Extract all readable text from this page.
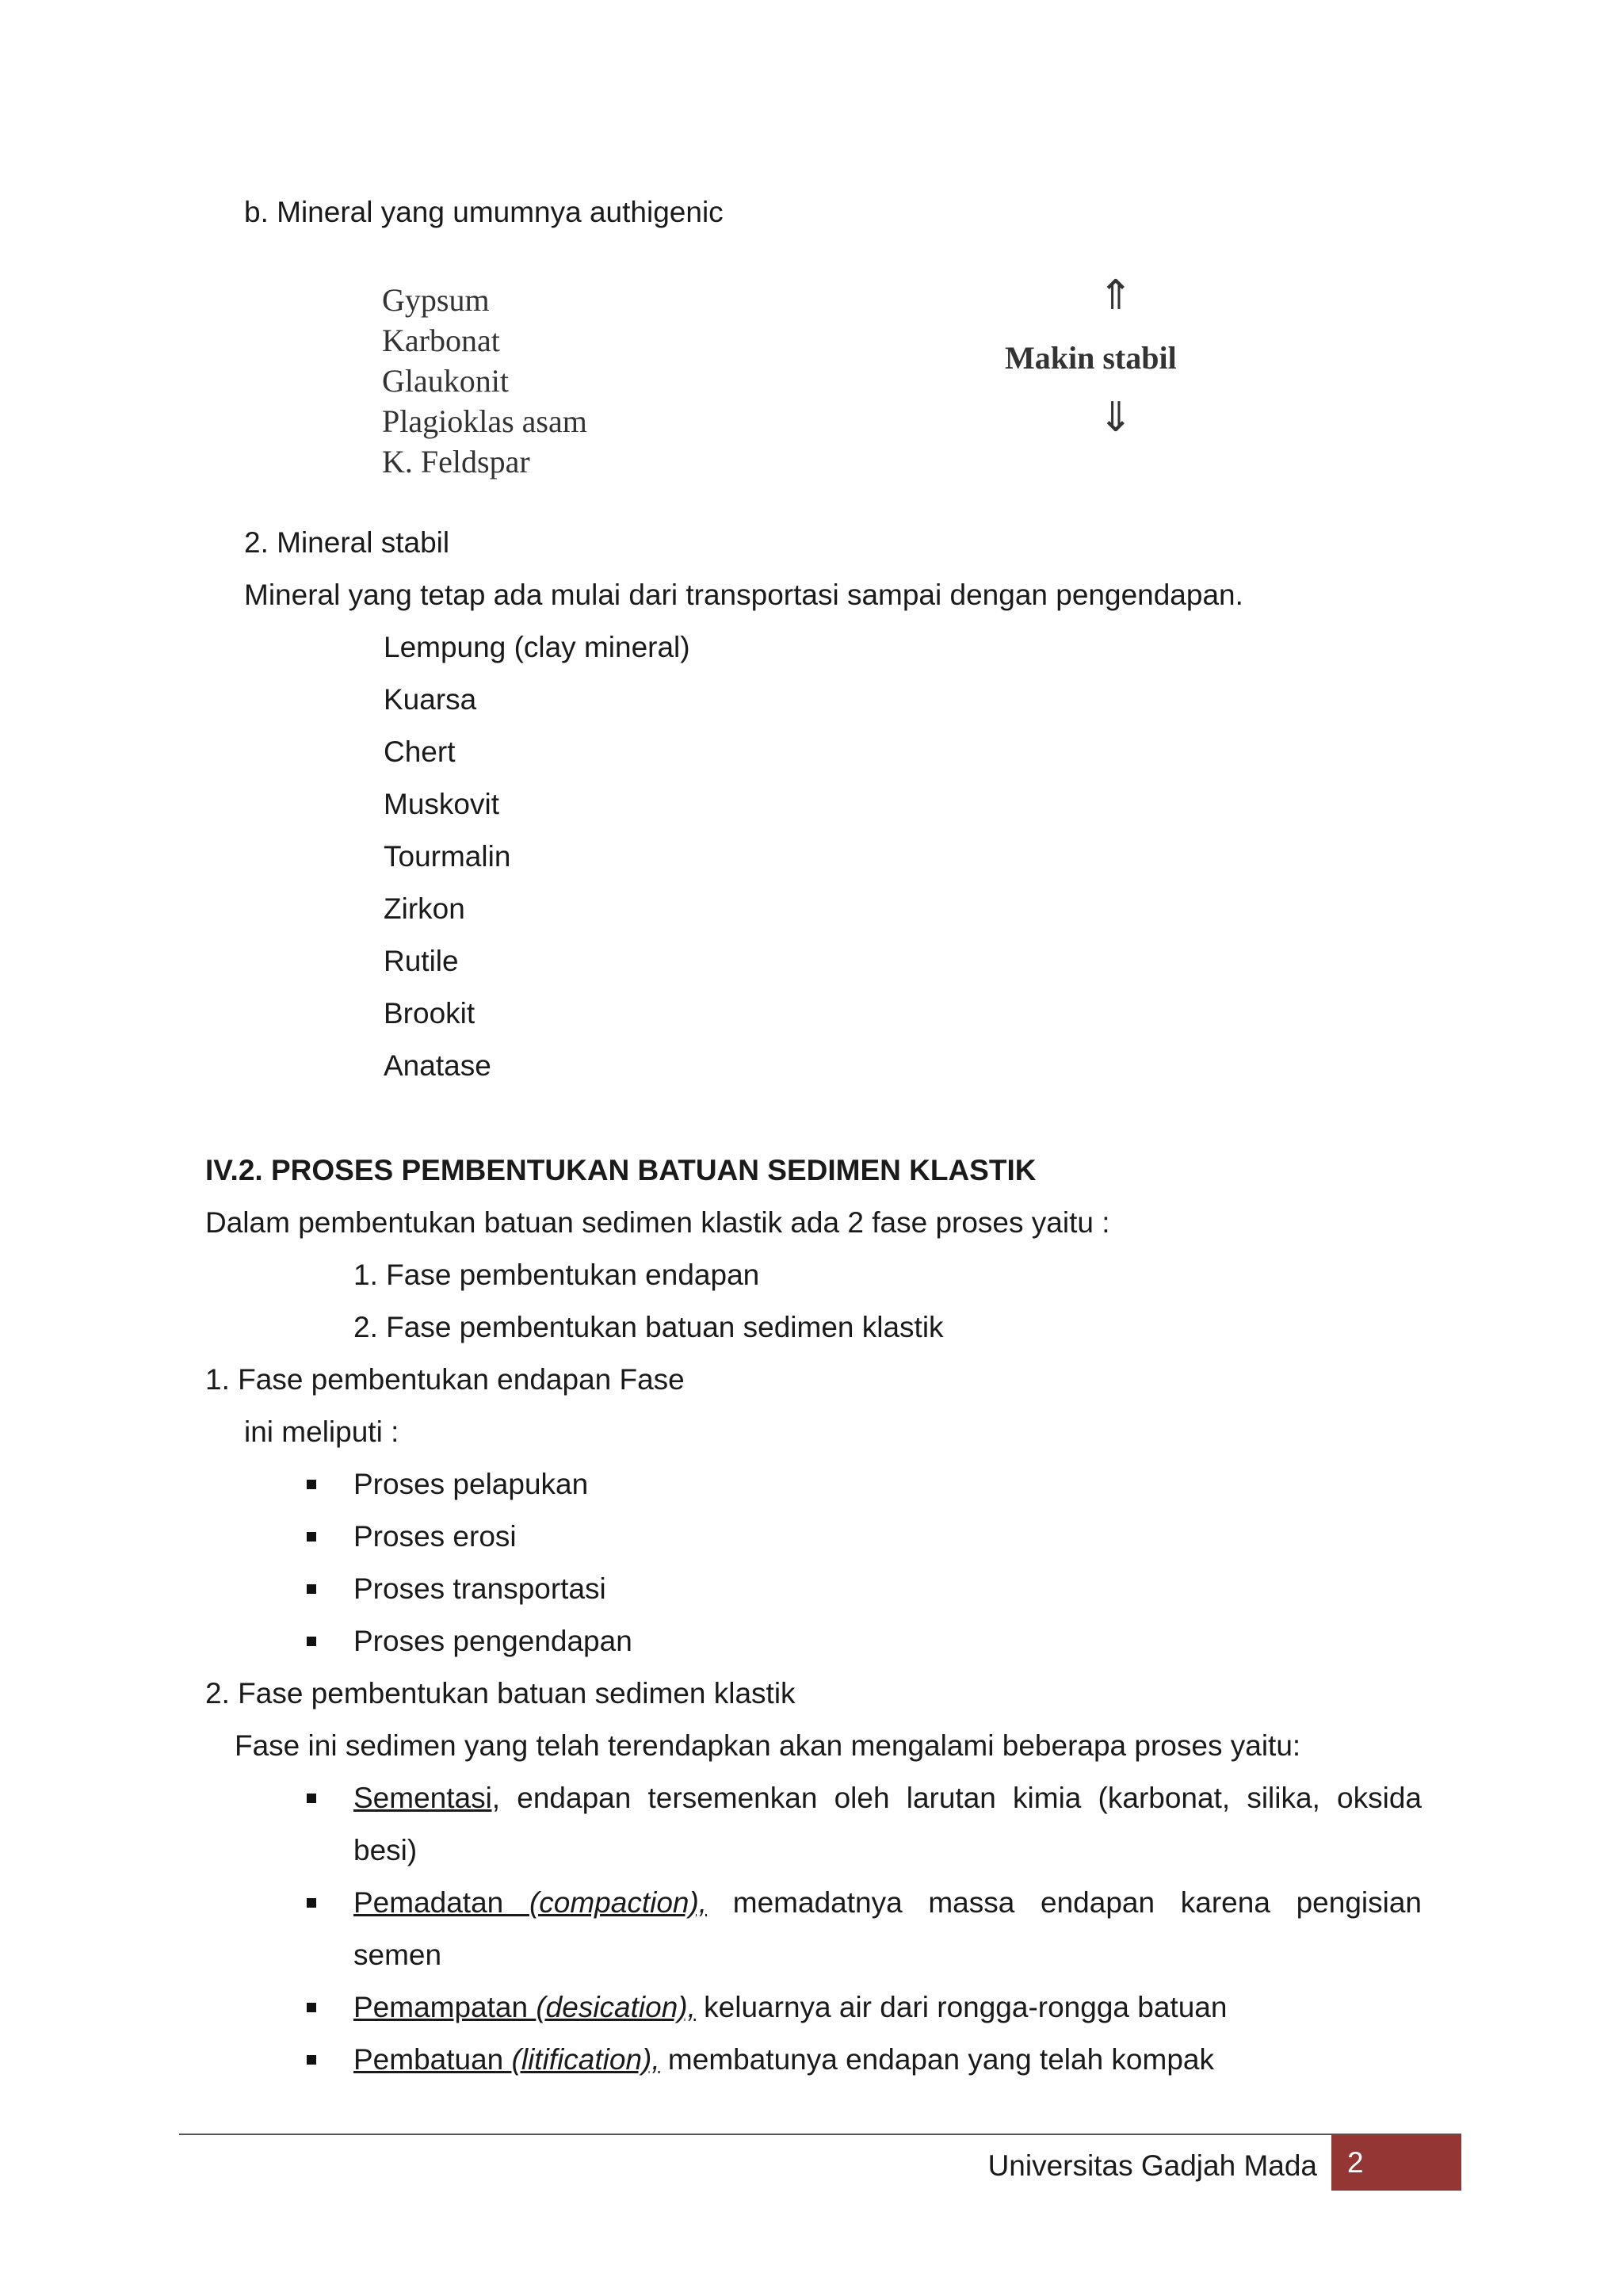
b. Mineral yang umumnya authigenic
Gypsum
Karbonat
Glaukonit
Plagioklas asam
K. Feldspar
⇑
Makin stabil
⇓
2. Mineral stabil
Mineral yang tetap ada mulai dari transportasi sampai dengan pengendapan.
Lempung (clay mineral)
Kuarsa
Chert
Muskovit
Tourmalin
Zirkon
Rutile
Brookit
Anatase
IV.2. PROSES PEMBENTUKAN BATUAN SEDIMEN KLASTIK
Dalam pembentukan batuan sedimen klastik ada 2 fase proses yaitu :
1. Fase pembentukan endapan
2. Fase pembentukan batuan sedimen klastik
1. Fase pembentukan endapan Fase
ini meliputi :
Proses pelapukan
Proses erosi
Proses transportasi
Proses pengendapan
2. Fase pembentukan batuan sedimen klastik
Fase ini sedimen yang telah terendapkan akan mengalami beberapa proses yaitu:
Sementasi, endapan tersemenkan oleh larutan kimia (karbonat, silika, oksida
besi)
Pemadatan (compaction), memadatnya massa endapan karena pengisian
semen
Pemampatan (desication), keluarnya air dari rongga-rongga batuan
Pembatuan (litification), membatunya endapan yang telah kompak
Universitas Gadjah Mada 2
